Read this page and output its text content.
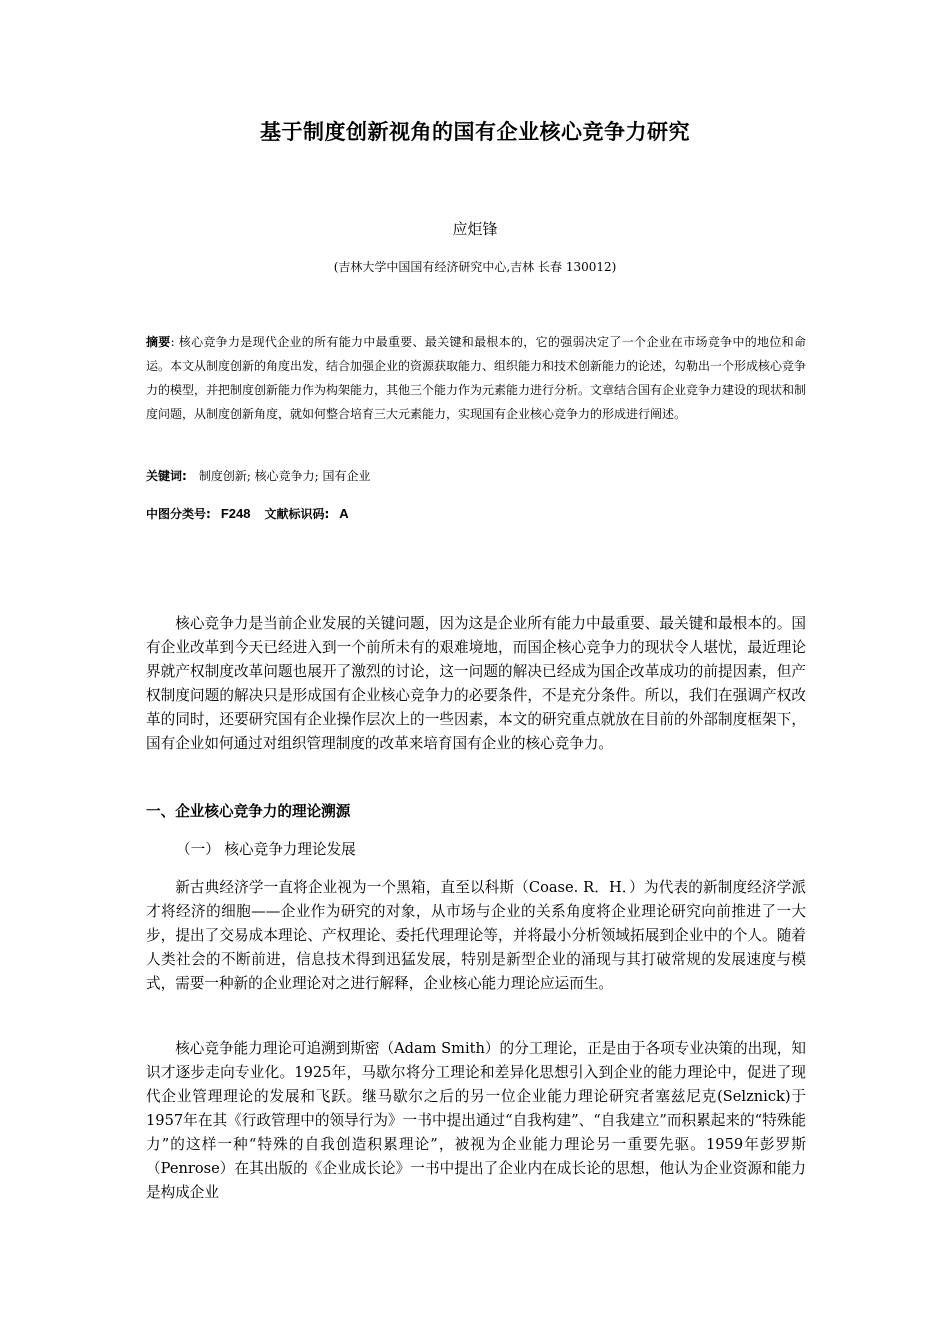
基于制度创新视角的国有企业核心竞争力研究
应炬锋
(吉林大学中国国有经济研究中心,吉林 长春 130012)
摘要: 核心竞争力是现代企业的所有能力中最重要、最关键和最根本的，它的强弱决定了一个企业在市场竞争中的地位和命运。本文从制度创新的角度出发，结合加强企业的资源获取能力、组织能力和技术创新能力的论述，勾勒出一个形成核心竞争力的模型，并把制度创新能力作为构架能力，其他三个能力作为元素能力进行分析。文章结合国有企业竞争力建设的现状和制度问题，从制度创新角度，就如何整合培育三大元素能力，实现国有企业核心竞争力的形成进行阐述。
关键词: 制度创新; 核心竞争力; 国有企业
中图分类号: F248 文献标识码: A

核心竞争力是当前企业发展的关键问题，因为这是企业所有能力中最重要、最关键和最根本的。国有企业改革到今天已经进入到一个前所未有的艰难境地，而国企核心竞争力的现状令人堪忧，最近理论界就产权制度改革问题也展开了激烈的讨论，这一问题的解决已经成为国企改革成功的前提因素，但产权制度问题的解决只是形成国有企业核心竞争力的必要条件，不是充分条件。所以，我们在强调产权改革的同时，还要研究国有企业操作层次上的一些因素，本文的研究重点就放在目前的外部制度框架下，国有企业如何通过对组织管理制度的改革来培育国有企业的核心竞争力。

一、企业核心竞争力的理论溯源
（一） 核心竞争力理论发展

新古典经济学一直将企业视为一个黑箱，直至以科斯（Coase. R．H．）为代表的新制度经济学派才将经济的细胞——企业作为研究的对象，从市场与企业的关系角度将企业理论研究向前推进了一大步，提出了交易成本理论、产权理论、委托代理理论等，并将最小分析领域拓展到企业中的个人。随着人类社会的不断前进，信息技术得到迅猛发展，特别是新型企业的涌现与其打破常规的发展速度与模式，需要一种新的企业理论对之进行解释，企业核心能力理论应运而生。

核心竞争能力理论可追溯到斯密（Adam Smith）的分工理论，正是由于各项专业决策的出现，知识才逐步走向专业化。1925年，马歇尔将分工理论和差异化思想引入到企业的能力理论中，促进了现代企业管理理论的发展和飞跃。继马歇尔之后的另一位企业能力理论研究者塞兹尼克(Selznick)于1957年在其《行政管理中的领导行为》一书中提出通过“自我构建”、“自我建立”而积累起来的“特殊能力”的这样一种“特殊的自我创造积累理论”，被视为企业能力理论另一重要先驱。1959年彭罗斯（Penrose）在其出版的《企业成长论》一书中提出了企业内在成长论的思想，他认为企业资源和能力是构成企业
